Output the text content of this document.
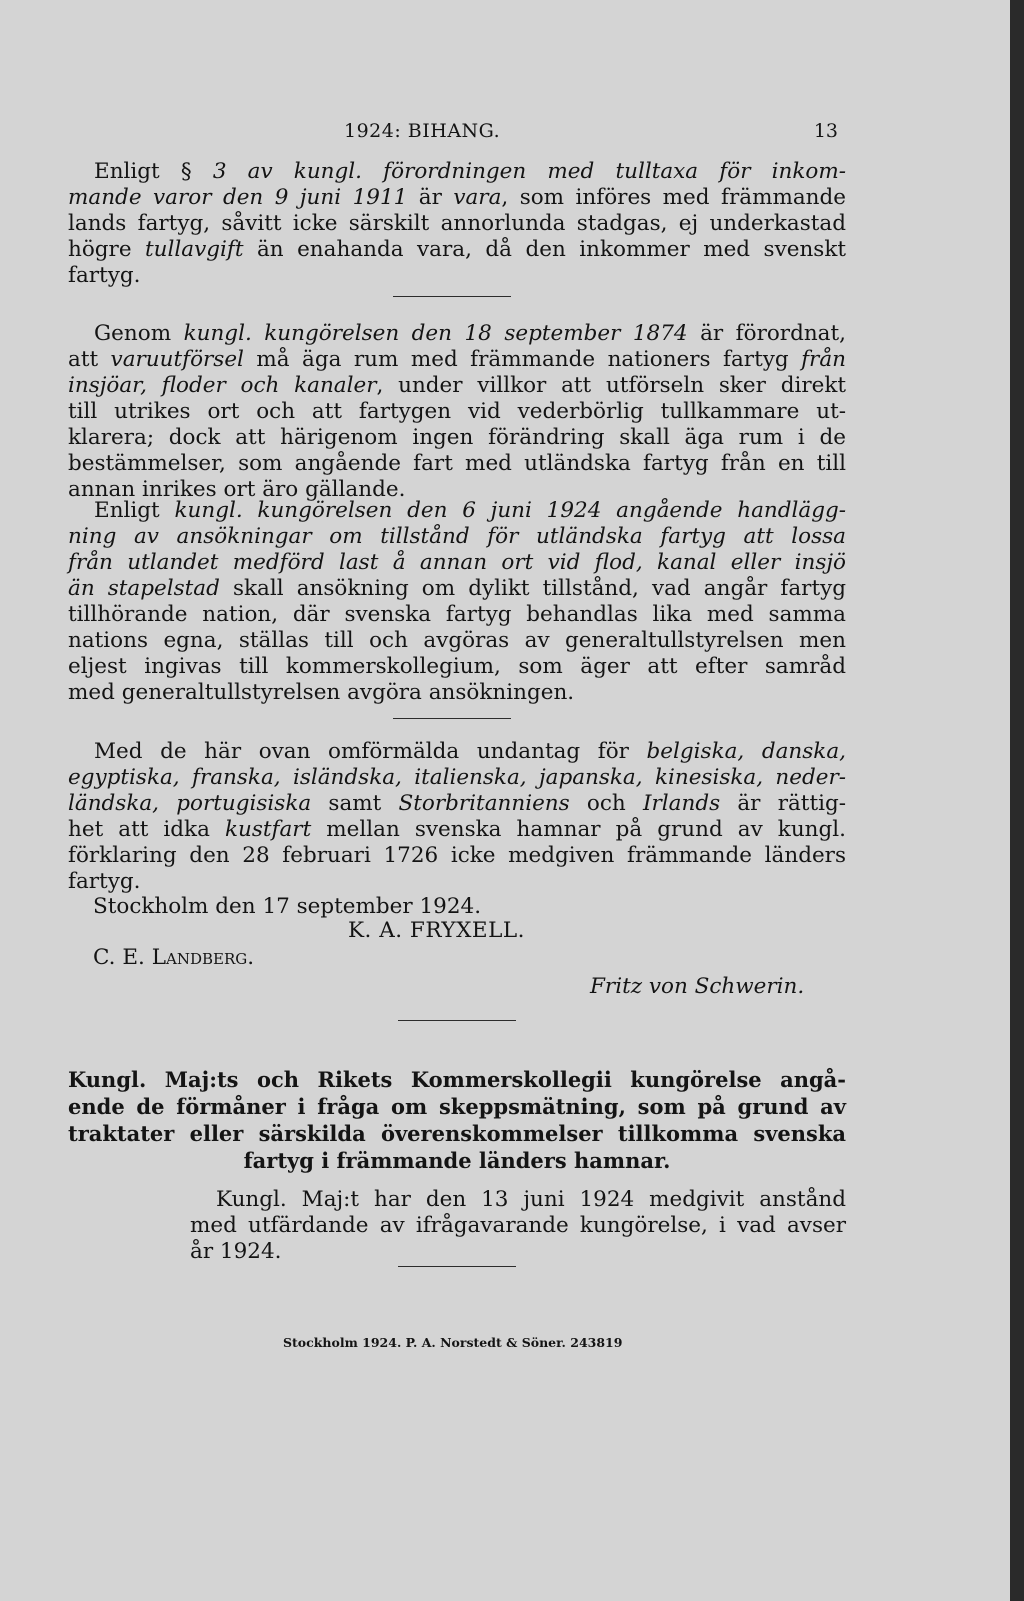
1924: BIHANG.	13
Enligt § 3 av kungl. förordningen med tulltaxa för inkom-
mande varor den 9 juni 1911 är vara, som införes med främmande
lands fartyg, såvitt icke särskilt annorlunda stadgas, ej underkastad
högre tullavgift än enahanda vara, då den inkommer med svenskt
fartyg.
Genom kungl. kungörelsen den 18 september 1874 är förordnat,
att varuutförsel må äga rum med främmande nationers fartyg från
insjöar, floder och kanaler, under villkor att utförseln sker direkt
till utrikes ort och att fartygen vid vederbörlig tullkammare ut-
klarera; dock att härigenom ingen förändring skall äga rum i de
bestämmelser, som angående fart med utländska fartyg från en till
annan inrikes ort äro gällande.
Enligt kungl. kungörelsen den 6 juni 1924 angående handlägg-
ning av ansökningar om tillstånd för utländska fartyg att lossa
från utlandet medförd last å annan ort vid flod, kanal eller insjö
än stapelstad skall ansökning om dylikt tillstånd, vad angår fartyg
tillhörande nation, där svenska fartyg behandlas lika med samma
nations egna, ställas till och avgöras av generaltullstyrelsen men
eljest ingivas till kommerskollegium, som äger att efter samråd
med generaltullstyrelsen avgöra ansökningen.
Med de här ovan omförmälda undantag för belgiska, danska,
egyptiska, franska, isländska, italienska, japanska, kinesiska, neder-
ländska, portugisiska samt Storbritanniens och Irlands är rättig-
het att idka kustfart mellan svenska hamnar på grund av kungl.
förklaring den 28 februari 1726 icke medgiven främmande länders
fartyg.
Stockholm den 17 september 1924.
K. A. FRYXELL.
C. E. Landberg.
Fritz von Schwerin.
Kungl. Maj:ts och Rikets Kommerskollegii kungörelse angå-
ende de förmåner i fråga om skeppsmätning, som på grund av
traktater eller särskilda överenskommelser tillkomma svenska
fartyg i främmande länders hamnar.
Kungl. Maj:t har den 13 juni 1924 medgivit anstånd
med utfärdande av ifrågavarande kungörelse, i vad avser
år 1924.
Stockholm 1924. P. A. Norstedt & Söner. 243819
